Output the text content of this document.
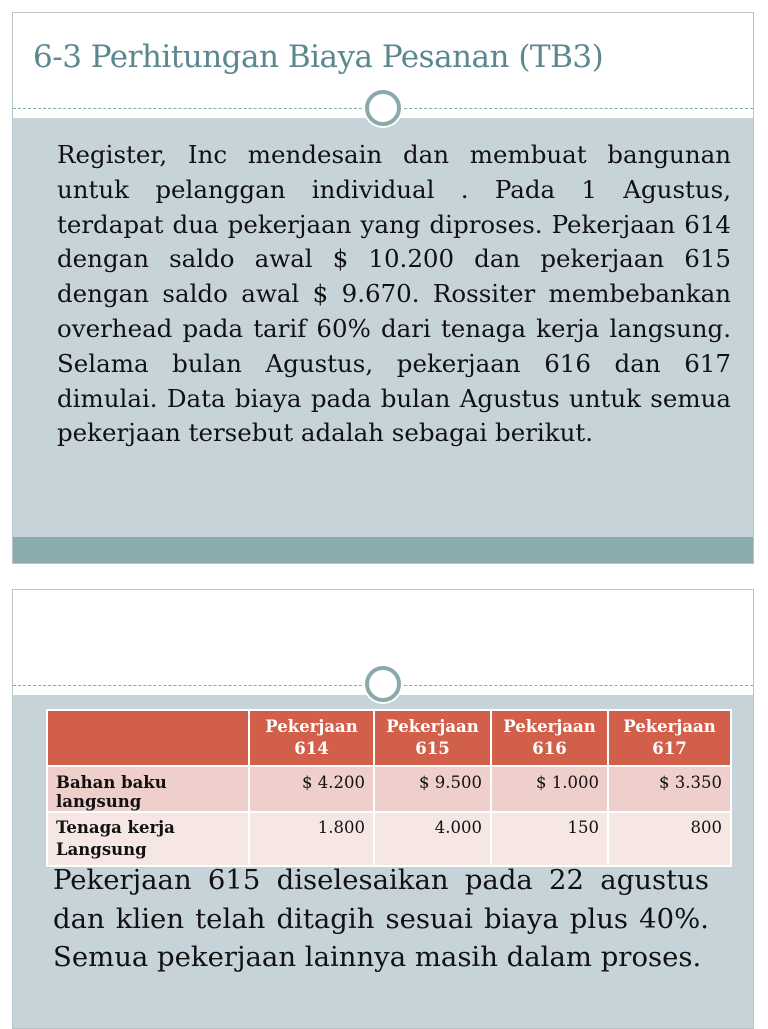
6-3 Perhitungan Biaya Pesanan (TB3)

Register, Inc mendesain dan membuat bangunan untuk pelanggan individual . Pada 1 Agustus, terdapat dua pekerjaan yang diproses. Pekerjaan 614 dengan saldo awal $ 10.200 dan pekerjaan 615 dengan saldo awal $ 9.670. Rossiter membebankan overhead pada tarif 60% dari tenaga kerja langsung. Selama bulan Agustus, pekerjaan 616 dan 617 dimulai. Data biaya pada bulan Agustus untuk semua pekerjaan tersebut adalah sebagai berikut.

	Pekerjaan 614	Pekerjaan 615	Pekerjaan 616	Pekerjaan 617
Bahan baku langsung	$ 4.200	$ 9.500	$ 1.000	$ 3.350
Tenaga kerja Langsung	1.800	4.000	150	800

Pekerjaan 615 diselesaikan pada 22 agustus dan klien telah ditagih sesuai biaya plus 40%. Semua pekerjaan lainnya masih dalam proses.
